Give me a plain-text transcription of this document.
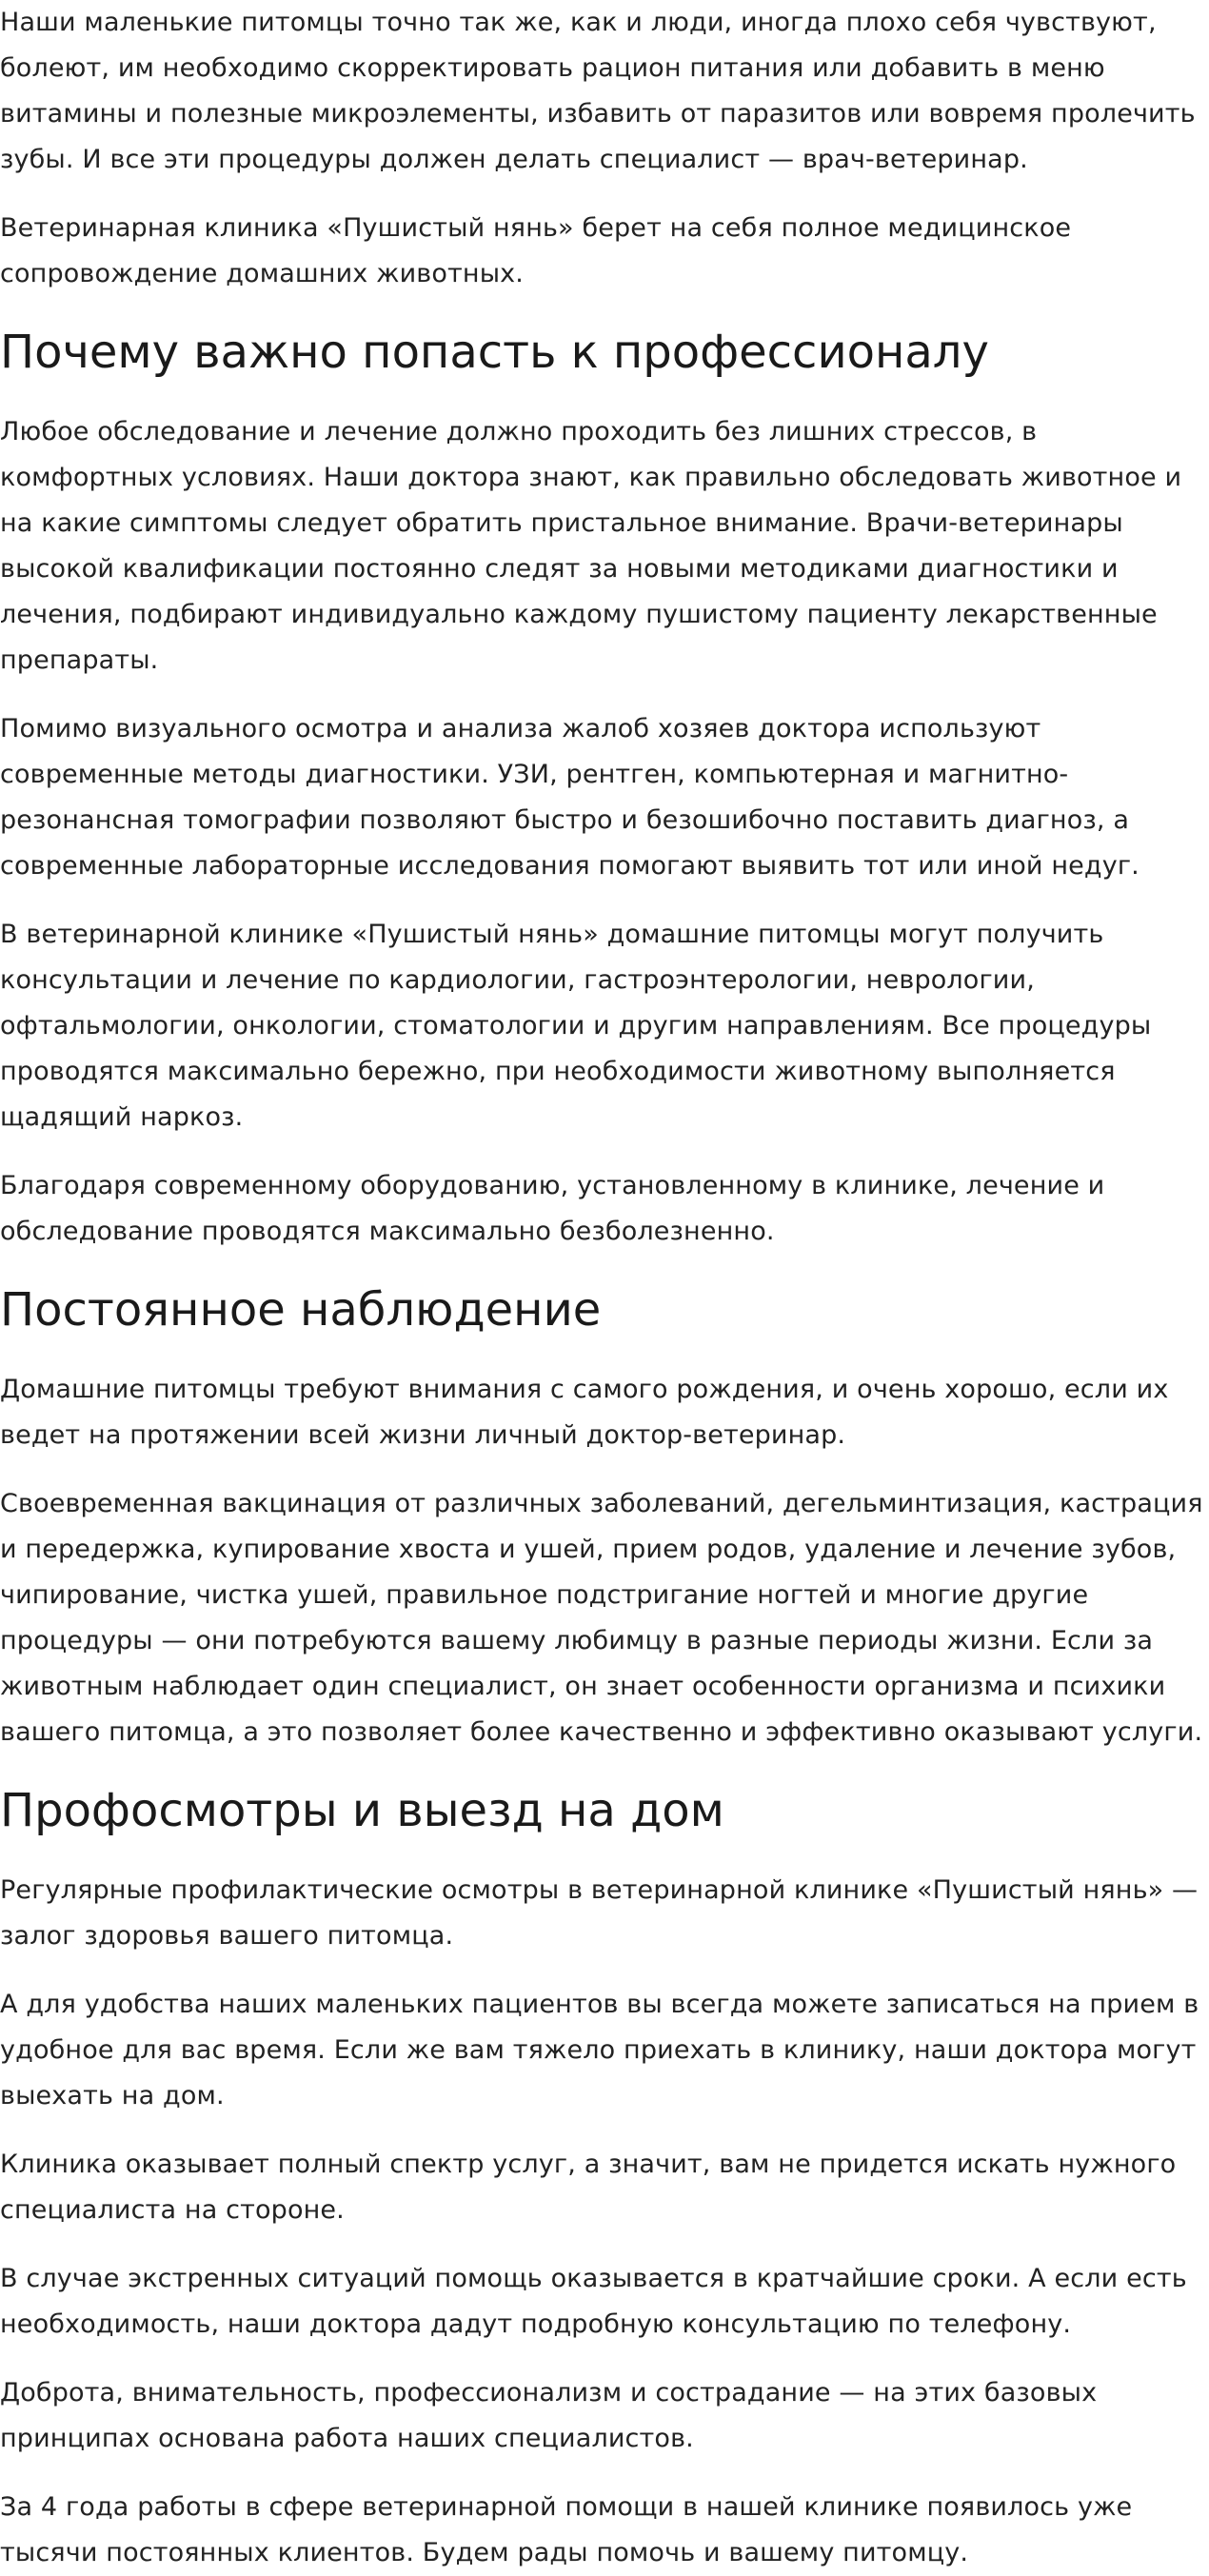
Наши маленькие питомцы точно так же, как и люди, иногда плохо себя чувствуют, болеют, им необходимо скорректировать рацион питания или добавить в меню витамины и полезные микроэлементы, избавить от паразитов или вовремя пролечить зубы. И все эти процедуры должен делать специалист — врач-ветеринар.

Ветеринарная клиника «Пушистый нянь» берет на себя полное медицинское сопровождение домашних животных.

Почему важно попасть к профессионалу

Любое обследование и лечение должно проходить без лишних стрессов, в комфортных условиях. Наши доктора знают, как правильно обследовать животное и на какие симптомы следует обратить пристальное внимание. Врачи-ветеринары высокой квалификации постоянно следят за новыми методиками диагностики и лечения, подбирают индивидуально каждому пушистому пациенту лекарственные препараты.

Помимо визуального осмотра и анализа жалоб хозяев доктора используют современные методы диагностики. УЗИ, рентген, компьютерная и магнитно-резонансная томографии позволяют быстро и безошибочно поставить диагноз, а современные лабораторные исследования помогают выявить тот или иной недуг.

В ветеринарной клинике «Пушистый нянь» домашние питомцы могут получить консультации и лечение по кардиологии, гастроэнтерологии, неврологии, офтальмологии, онкологии, стоматологии и другим направлениям. Все процедуры проводятся максимально бережно, при необходимости животному выполняется щадящий наркоз.

Благодаря современному оборудованию, установленному в клинике, лечение и обследование проводятся максимально безболезненно.

Постоянное наблюдение

Домашние питомцы требуют внимания с самого рождения, и очень хорошо, если их ведет на протяжении всей жизни личный доктор-ветеринар.

Своевременная вакцинация от различных заболеваний, дегельминтизация, кастрация и передержка, купирование хвоста и ушей, прием родов, удаление и лечение зубов, чипирование, чистка ушей, правильное подстригание ногтей и многие другие процедуры — они потребуются вашему любимцу в разные периоды жизни. Если за животным наблюдает один специалист, он знает особенности организма и психики вашего питомца, а это позволяет более качественно и эффективно оказывают услуги.

Профосмотры и выезд на дом

Регулярные профилактические осмотры в ветеринарной клинике «Пушистый нянь» — залог здоровья вашего питомца.

А для удобства наших маленьких пациентов вы всегда можете записаться на прием в удобное для вас время. Если же вам тяжело приехать в клинику, наши доктора могут выехать на дом.

Клиника оказывает полный спектр услуг, а значит, вам не придется искать нужного специалиста на стороне.

В случае экстренных ситуаций помощь оказывается в кратчайшие сроки. А если есть необходимость, наши доктора дадут подробную консультацию по телефону.

Доброта, внимательность, профессионализм и сострадание — на этих базовых принципах основана работа наших специалистов.

За 4 года работы в сфере ветеринарной помощи в нашей клинике появилось уже тысячи постоянных клиентов. Будем рады помочь и вашему питомцу.
